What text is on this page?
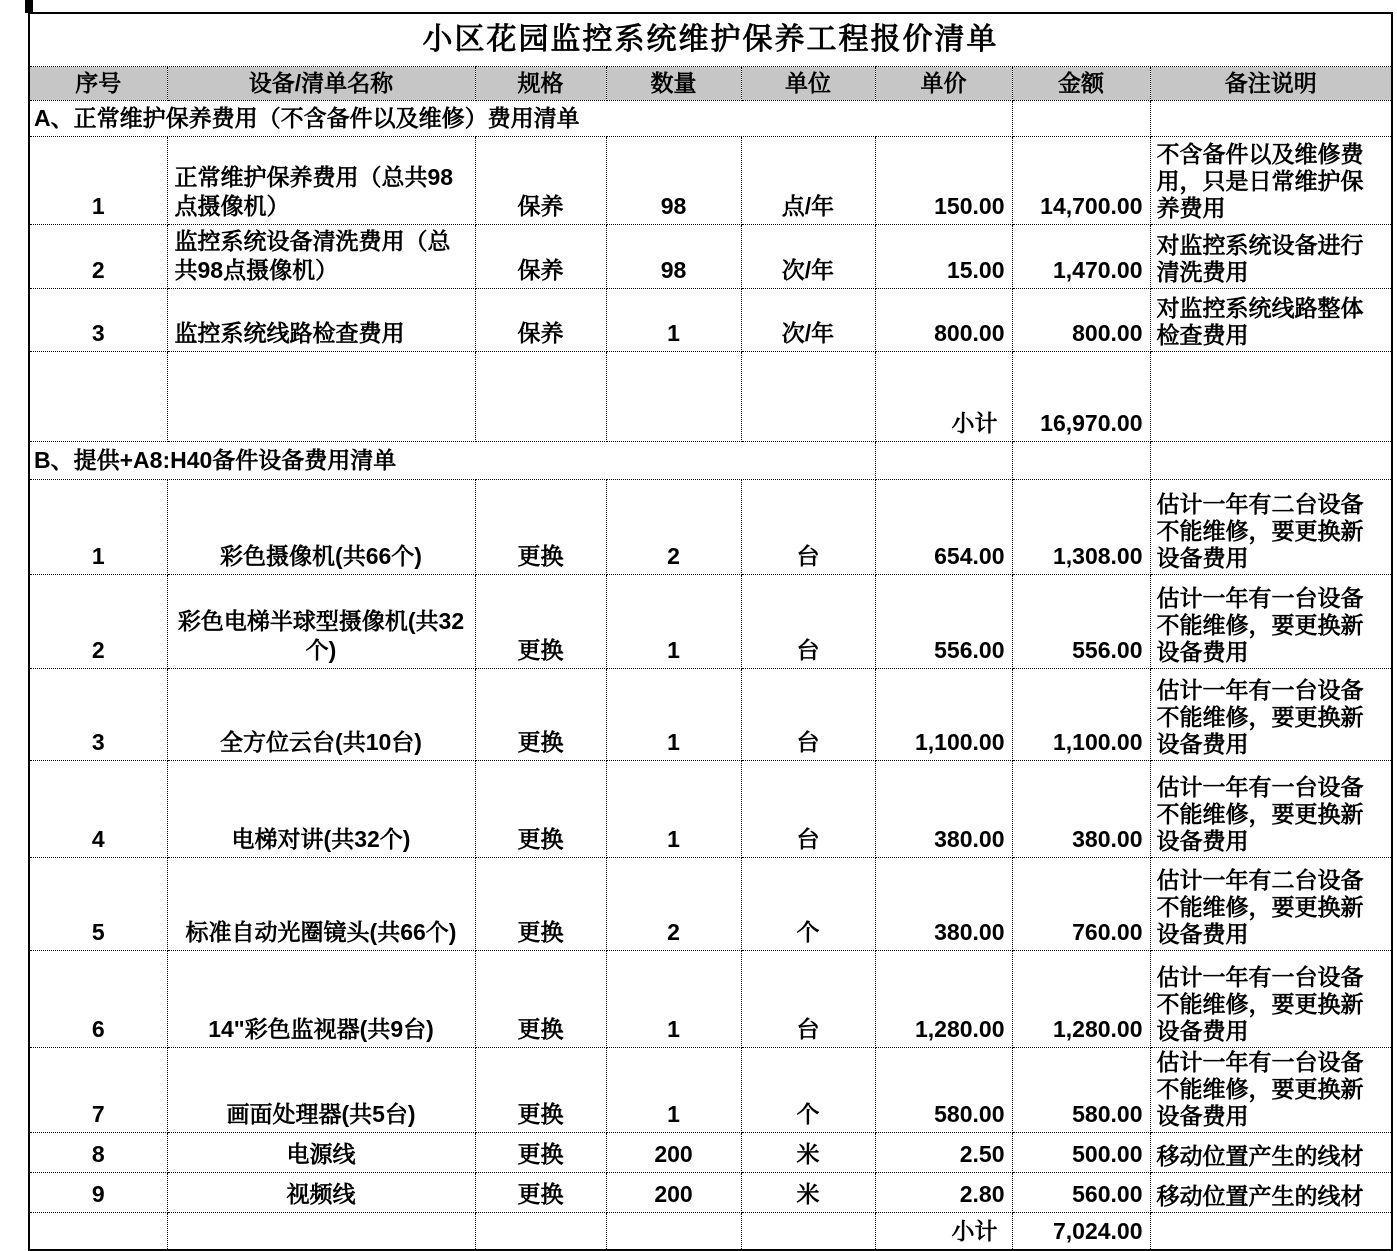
小区花园监控系统维护保养工程报价清单							
序号	设备/清单名称	规格	数量	单位	单价	金额	备注说明
A、正常维护保养费用（不含备件以及维修）费用清单							
1	正常维护保养费用（总共98点摄像机）	保养	98	点/年	150.00	14,700.00	不含备件以及维修费用，只是日常维护保养费用
2	监控系统设备清洗费用（总共98点摄像机）	保养	98	次/年	15.00	1,470.00	对监控系统设备进行清洗费用
3	监控系统线路检查费用	保养	1	次/年	800.00	800.00	对监控系统线路整体检查费用
					小计	16,970.00	
B、提供+A8:H40备件设备费用清单							
1	彩色摄像机(共66个)	更换	2	台	654.00	1,308.00	估计一年有二台设备不能维修，要更换新设备费用
2	彩色电梯半球型摄像机(共32个)	更换	1	台	556.00	556.00	估计一年有一台设备不能维修，要更换新设备费用
3	全方位云台(共10台)	更换	1	台	1,100.00	1,100.00	估计一年有一台设备不能维修，要更换新设备费用
4	电梯对讲(共32个)	更换	1	台	380.00	380.00	估计一年有一台设备不能维修，要更换新设备费用
5	标准自动光圈镜头(共66个)	更换	2	个	380.00	760.00	估计一年有二台设备不能维修，要更换新设备费用
6	14"彩色监视器(共9台)	更换	1	台	1,280.00	1,280.00	估计一年有一台设备不能维修，要更换新设备费用
7	画面处理器(共5台)	更换	1	个	580.00	580.00	估计一年有一台设备不能维修，要更换新设备费用
8	电源线	更换	200	米	2.50	500.00	移动位置产生的线材
9	视频线	更换	200	米	2.80	560.00	移动位置产生的线材
					小计	7,024.00	
